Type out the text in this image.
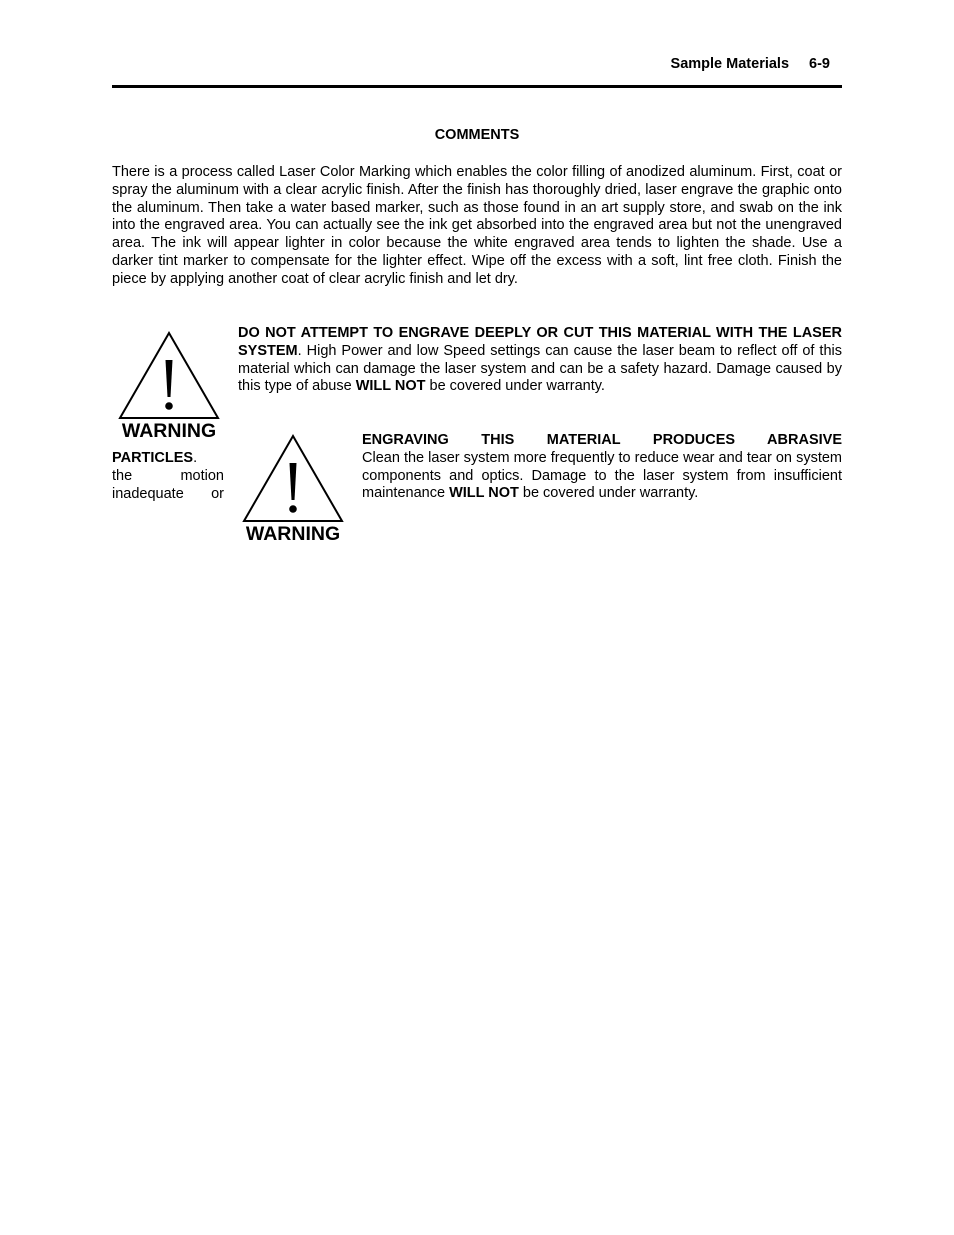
Sample Materials 6-9
COMMENTS

There is a process called Laser Color Marking which enables the color filling of anodized aluminum. First, coat or spray the aluminum with a clear acrylic finish. After the finish has thoroughly dried, laser engrave the graphic onto the aluminum. Then take a water based marker, such as those found in an art supply store, and swab on the ink into the engraved area. You can actually see the ink get absorbed into the engraved area but not the unengraved area. The ink will appear lighter in color because the white engraved area tends to lighten the shade. Use a darker tint marker to compensate for the lighter effect. Wipe off the excess with a soft, lint free cloth. Finish the piece by applying another coat of clear acrylic finish and let dry.

WARNING

DO NOT ATTEMPT TO ENGRAVE DEEPLY OR CUT THIS MATERIAL WITH THE LASER SYSTEM. High Power and low Speed settings can cause the laser beam to reflect off of this material which can damage the laser system and can be a safety hazard. Damage caused by this type of abuse WILL NOT be covered under warranty.

WARNING

ENGRAVING THIS MATERIAL PRODUCES ABRASIVE
Clean the laser system more frequently to reduce wear and tear on system components and optics. Damage to the laser system from insufficient maintenance WILL NOT be covered under warranty.

PARTICLES.
the	motion
inadequate or
